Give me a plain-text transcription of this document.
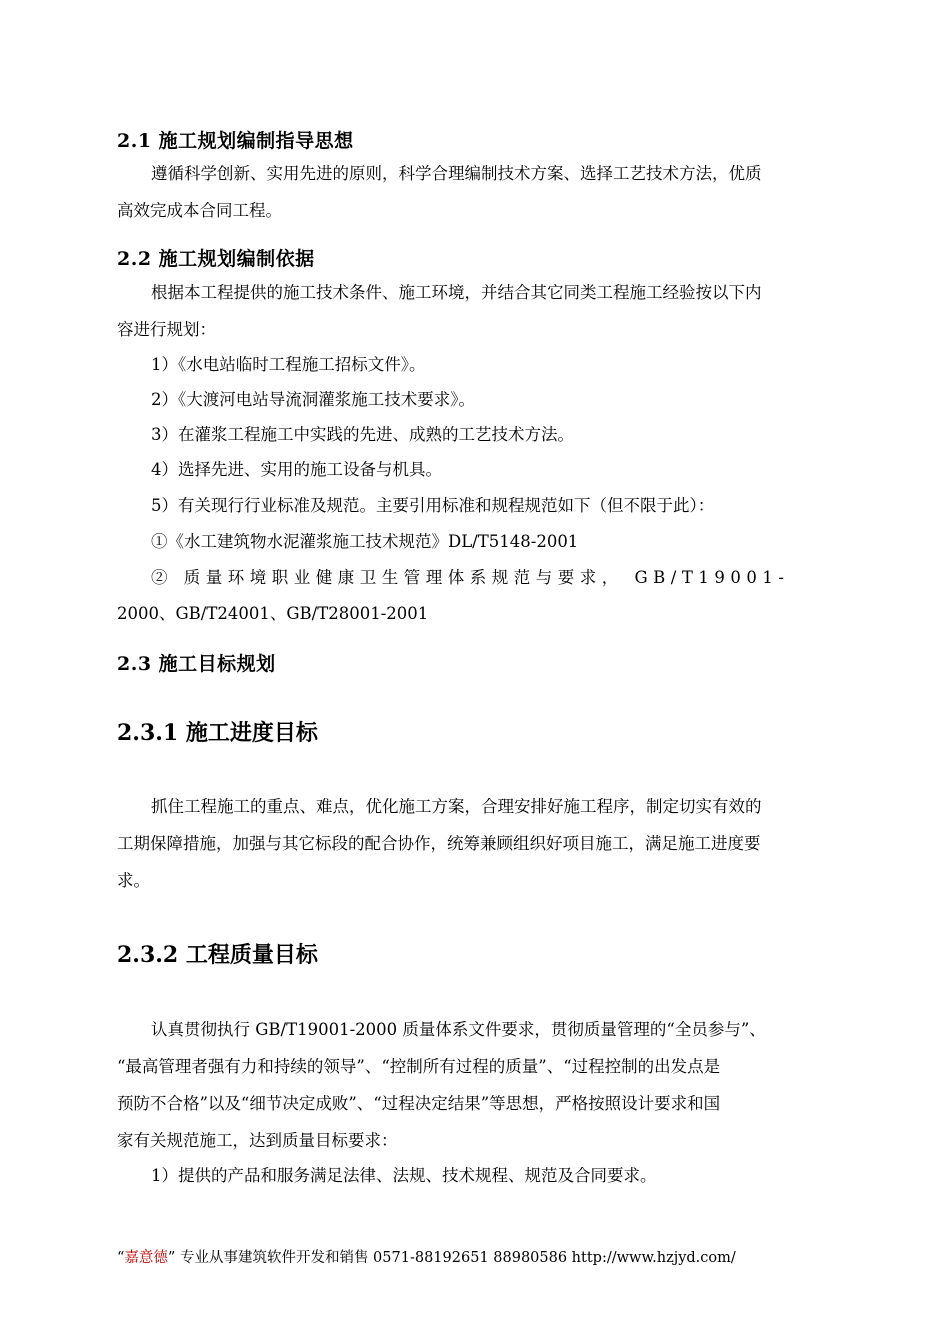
2.1 施工规划编制指导思想
遵循科学创新、实用先进的原则，科学合理编制技术方案、选择工艺技术方法，优质
高效完成本合同工程。
2.2 施工规划编制依据
根据本工程提供的施工技术条件、施工环境，并结合其它同类工程施工经验按以下内
容进行规划：
1）《水电站临时工程施工招标文件》。
2）《大渡河电站导流洞灌浆施工技术要求》。
3）在灌浆工程施工中实践的先进、成熟的工艺技术方法。
4）选择先进、实用的施工设备与机具。
5）有关现行行业标准及规范。主要引用标准和规程规范如下（但不限于此）：
①《水工建筑物水泥灌浆施工技术规范》DL/T5148-2001
② 质量环境职业健康卫生管理体系规范与要求， GB/T19001-
2000、GB/T24001、GB/T28001-2001
2.3 施工目标规划
2.3.1 施工进度目标
抓住工程施工的重点、难点，优化施工方案，合理安排好施工程序，制定切实有效的
工期保障措施，加强与其它标段的配合协作，统筹兼顾组织好项目施工，满足施工进度要
求。
2.3.2 工程质量目标
认真贯彻执行 GB/T19001-2000 质量体系文件要求，贯彻质量管理的“全员参与”、
“最高管理者强有力和持续的领导”、“控制所有过程的质量”、“过程控制的出发点是
预防不合格”以及“细节决定成败”、“过程决定结果”等思想，严格按照设计要求和国
家有关规范施工，达到质量目标要求：
1）提供的产品和服务满足法律、法规、技术规程、规范及合同要求。
“嘉意德” 专业从事建筑软件开发和销售 0571-88192651 88980586 http://www.hzjyd.com/
